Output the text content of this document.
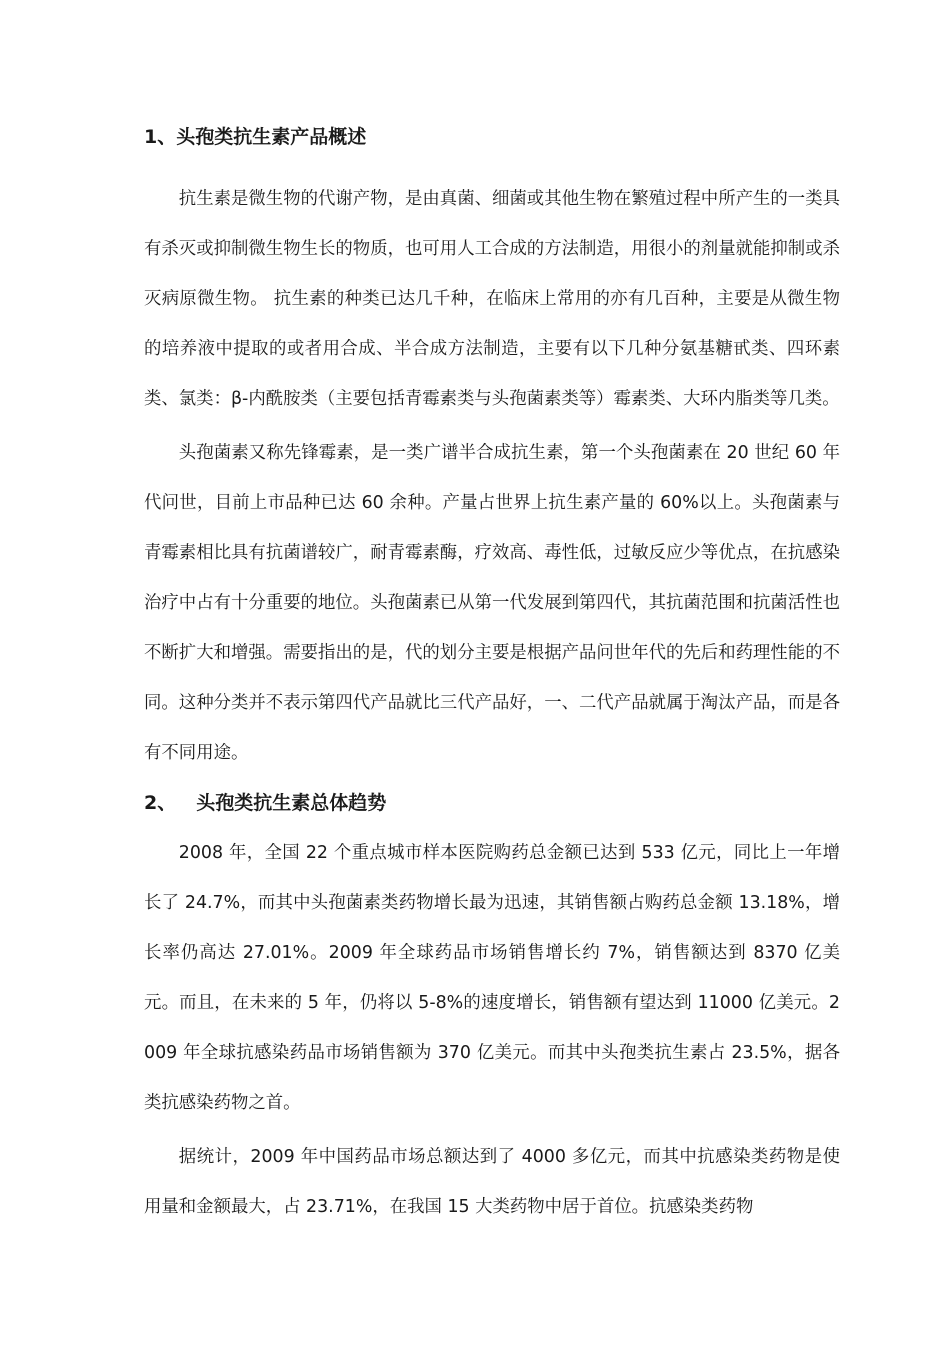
1、头孢类抗生素产品概述

抗生素是微生物的代谢产物，是由真菌、细菌或其他生物在繁殖过程中所产生的一类具有杀灭或抑制微生物生长的物质，也可用人工合成的方法制造，用很小的剂量就能抑制或杀灭病原微生物。 抗生素的种类已达几千种，在临床上常用的亦有几百种，主要是从微生物的培养液中提取的或者用合成、半合成方法制造，主要有以下几种分氨基糖甙类、四环素类、氯类：β-内酰胺类（主要包括青霉素类与头孢菌素类等）霉素类、大环内脂类等几类。

头孢菌素又称先锋霉素，是一类广谱半合成抗生素，第一个头孢菌素在 20 世纪 60 年代问世，目前上市品种已达 60 余种。产量占世界上抗生素产量的 60%以上。头孢菌素与青霉素相比具有抗菌谱较广，耐青霉素酶，疗效高、毒性低，过敏反应少等优点，在抗感染治疗中占有十分重要的地位。头孢菌素已从第一代发展到第四代，其抗菌范围和抗菌活性也不断扩大和增强。需要指出的是，代的划分主要是根据产品问世年代的先后和药理性能的不同。这种分类并不表示第四代产品就比三代产品好，一、二代产品就属于淘汰产品，而是各有不同用途。

2、 头孢类抗生素总体趋势

2008 年，全国 22 个重点城市样本医院购药总金额已达到 533 亿元，同比上一年增长了 24.7%，而其中头孢菌素类药物增长最为迅速，其销售额占购药总金额 13.18%，增长率仍高达 27.01%。2009 年全球药品市场销售增长约 7%，销售额达到 8370 亿美元。而且，在未来的 5 年，仍将以 5-8%的速度增长，销售额有望达到 11000 亿美元。2009 年全球抗感染药品市场销售额为 370 亿美元。而其中头孢类抗生素占 23.5%，据各类抗感染药物之首。

据统计，2009 年中国药品市场总额达到了 4000 多亿元，而其中抗感染类药物是使用量和金额最大，占 23.71%，在我国 15 大类药物中居于首位。抗感染类药物
